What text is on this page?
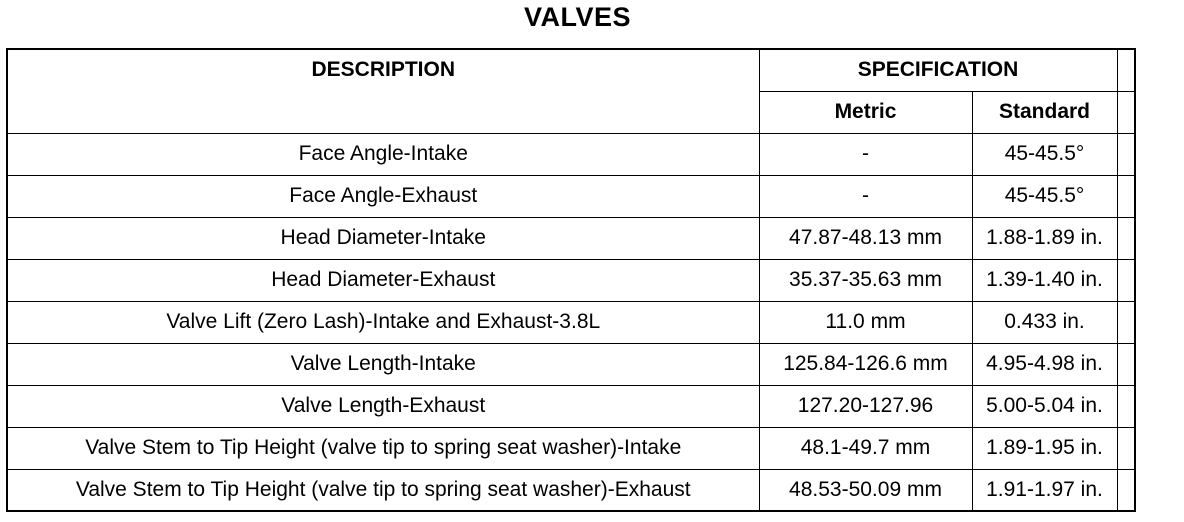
VALVES
DESCRIPTION	SPECIFICATION		
	Metric	Standard	
Face Angle-Intake	-	45-45.5°	
Face Angle-Exhaust	-	45-45.5°	
Head Diameter-Intake	47.87-48.13 mm	1.88-1.89 in.	
Head Diameter-Exhaust	35.37-35.63 mm	1.39-1.40 in.	
Valve Lift (Zero Lash)-Intake and Exhaust-3.8L	11.0 mm	0.433 in.	
Valve Length-Intake	125.84-126.6 mm	4.95-4.98 in.	
Valve Length-Exhaust	127.20-127.96	5.00-5.04 in.	
Valve Stem to Tip Height (valve tip to spring seat washer)-Intake	48.1-49.7 mm	1.89-1.95 in.	
Valve Stem to Tip Height (valve tip to spring seat washer)-Exhaust	48.53-50.09 mm	1.91-1.97 in.	
